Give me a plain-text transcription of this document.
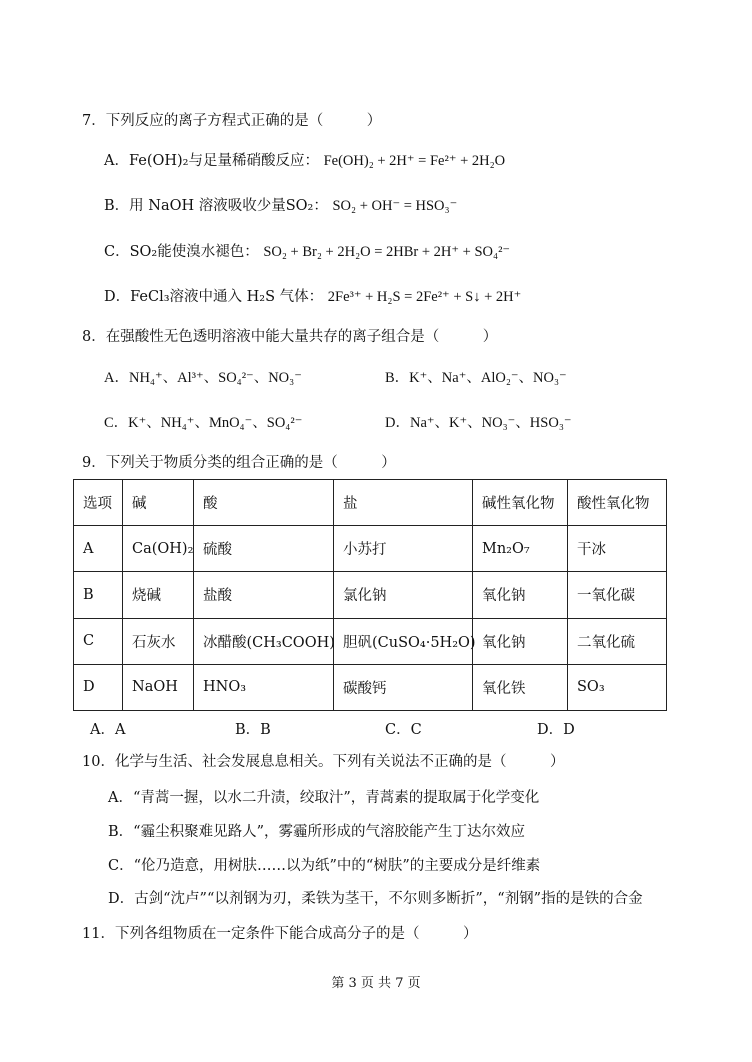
7．下列反应的离子方程式正确的是（　　　）
A．Fe(OH)₂与足量稀硝酸反应： Fe(OH)₂ + 2H⁺ = Fe²⁺ + 2H₂O
B．用 NaOH 溶液吸收少量SO₂： SO₂ + OH⁻ = HSO₃⁻
C．SO₂能使溴水褪色： SO₂ + Br₂ + 2H₂O = 2HBr + 2H⁺ + SO₄²⁻
D．FeCl₃溶液中通入 H₂S 气体： 2Fe³⁺ + H₂S = 2Fe²⁺ + S↓ + 2H⁺
8．在强酸性无色透明溶液中能大量共存的离子组合是（　　　）
A．NH₄⁺、Al³⁺、SO₄²⁻、NO₃⁻	B．K⁺、Na⁺、AlO₂⁻、NO₃⁻
C．K⁺、NH₄⁺、MnO₄⁻、SO₄²⁻	D．Na⁺、K⁺、NO₃⁻、HSO₃⁻
9．下列关于物质分类的组合正确的是（　　　）
选项	碱	酸	盐	碱性氧化物	酸性氧化物
A	Ca(OH)₂	硫酸	小苏打	Mn₂O₇	干冰
B	烧碱	盐酸	氯化钠	氧化钠	一氧化碳
C	石灰水	冰醋酸(CH₃COOH)	胆矾(CuSO₄·5H₂O)	氧化钠	二氧化硫
D	NaOH	HNO₃	碳酸钙	氧化铁	SO₃
A．A	B．B	C．C	D．D
10．化学与生活、社会发展息息相关。下列有关说法不正确的是（　　　）
A．“青蒿一握，以水二升渍，绞取汁”，青蒿素的提取属于化学变化
B．“霾尘积聚难见路人”，雾霾所形成的气溶胶能产生丁达尔效应
C．“伦乃造意，用树肤……以为纸”中的“树肤”的主要成分是纤维素
D．古剑“沈卢”“以剂钢为刃，柔铁为茎干，不尔则多断折”，“剂钢”指的是铁的合金
11．下列各组物质在一定条件下能合成高分子的是（　　　）
第 3 页 共 7 页
